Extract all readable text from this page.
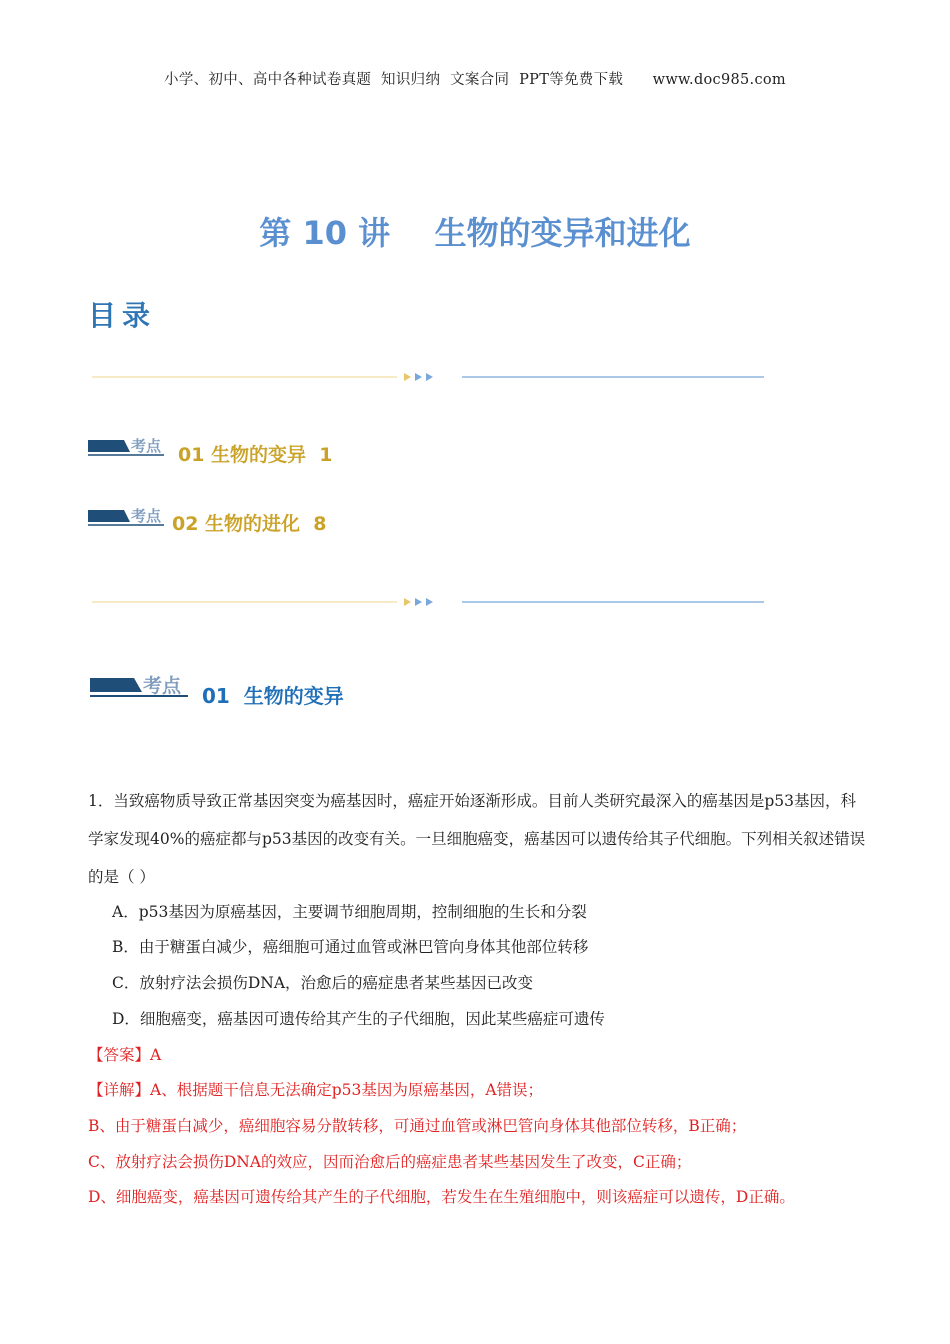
小学、初中、高中各种试卷真题  知识归纳  文案合同  PPT等免费下载      www.doc985.com
第 10 讲    生物的变异和进化
目录
考点 01 生物的变异  1
考点 02 生物的进化  8
考点 01  生物的变异
1．当致癌物质导致正常基因突变为癌基因时，癌症开始逐渐形成。目前人类研究最深入的癌基因是p53基因，科学家发现40%的癌症都与p53基因的改变有关。一旦细胞癌变，癌基因可以遗传给其子代细胞。下列相关叙述错误的是（ ）
A．p53基因为原癌基因，主要调节细胞周期，控制细胞的生长和分裂
B．由于糖蛋白减少，癌细胞可通过血管或淋巴管向身体其他部位转移
C．放射疗法会损伤DNA，治愈后的癌症患者某些基因已改变
D．细胞癌变，癌基因可遗传给其产生的子代细胞，因此某些癌症可遗传
【答案】A
【详解】A、根据题干信息无法确定p53基因为原癌基因，A错误；
B、由于糖蛋白减少，癌细胞容易分散转移，可通过血管或淋巴管向身体其他部位转移，B正确；
C、放射疗法会损伤DNA的效应，因而治愈后的癌症患者某些基因发生了改变，C正确；
D、细胞癌变，癌基因可遗传给其产生的子代细胞，若发生在生殖细胞中，则该癌症可以遗传，D正确。
